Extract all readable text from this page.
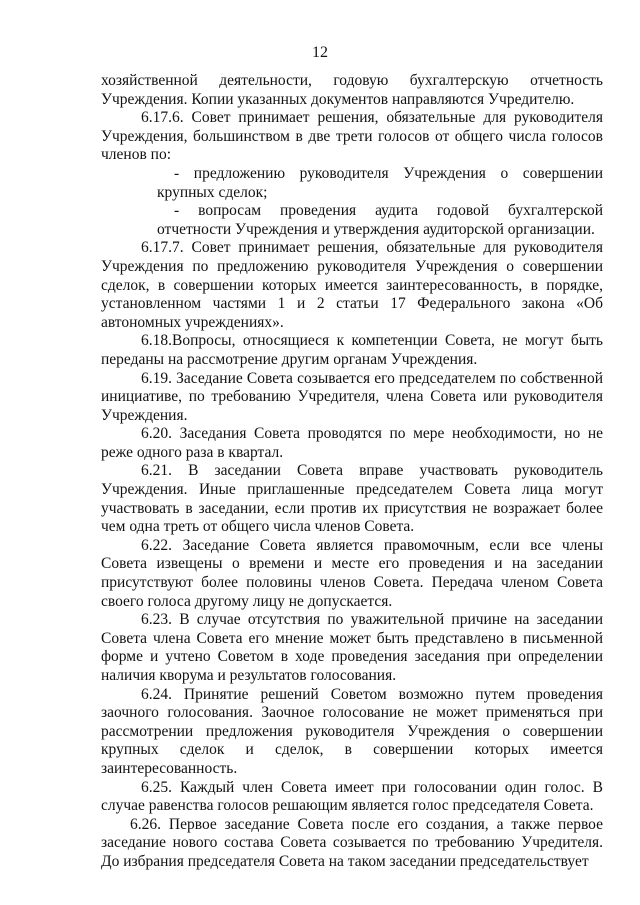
12

хозяйственной деятельности, годовую бухгалтерскую отчетность Учреждения. Копии указанных документов направляются Учредителю.

6.17.6. Совет принимает решения, обязательные для руководителя Учреждения, большинством в две трети голосов от общего числа голосов членов по:

- предложению руководителя Учреждения о совершении крупных сделок;

- вопросам проведения аудита годовой бухгалтерской отчетности Учреждения и утверждения аудиторской организации.

6.17.7. Совет принимает решения, обязательные для руководителя Учреждения по предложению руководителя Учреждения о совершении сделок, в совершении которых имеется заинтересованность, в порядке, установленном частями 1 и 2 статьи 17 Федерального закона «Об автономных учреждениях».

6.18.Вопросы, относящиеся к компетенции Совета, не могут быть переданы на рассмотрение другим органам Учреждения.

6.19. Заседание Совета созывается его председателем по собственной инициативе, по требованию Учредителя, члена Совета или руководителя Учреждения.

6.20. Заседания Совета проводятся по мере необходимости, но не реже одного раза в квартал.

6.21. В заседании Совета вправе участвовать руководитель Учреждения. Иные приглашенные председателем Совета лица могут участвовать в заседании, если против их присутствия не возражает более чем одна треть от общего числа членов Совета.

6.22. Заседание Совета является правомочным, если все члены Совета извещены о времени и месте его проведения и на заседании присутствуют более половины членов Совета. Передача членом Совета своего голоса другому лицу не допускается.

6.23. В случае отсутствия по уважительной причине на заседании Совета члена Совета его мнение может быть представлено в письменной форме и учтено Советом в ходе проведения заседания при определении наличия кворума и результатов голосования.

6.24. Принятие решений Советом возможно путем проведения заочного голосования. Заочное голосование не может применяться при рассмотрении предложения руководителя Учреждения о совершении крупных сделок и сделок, в совершении которых имеется заинтересованность.

6.25. Каждый член Совета имеет при голосовании один голос. В случае равенства голосов решающим является голос председателя Совета.

6.26. Первое заседание Совета после его создания, а также первое заседание нового состава Совета созывается по требованию Учредителя. До избрания председателя Совета на таком заседании председательствует
